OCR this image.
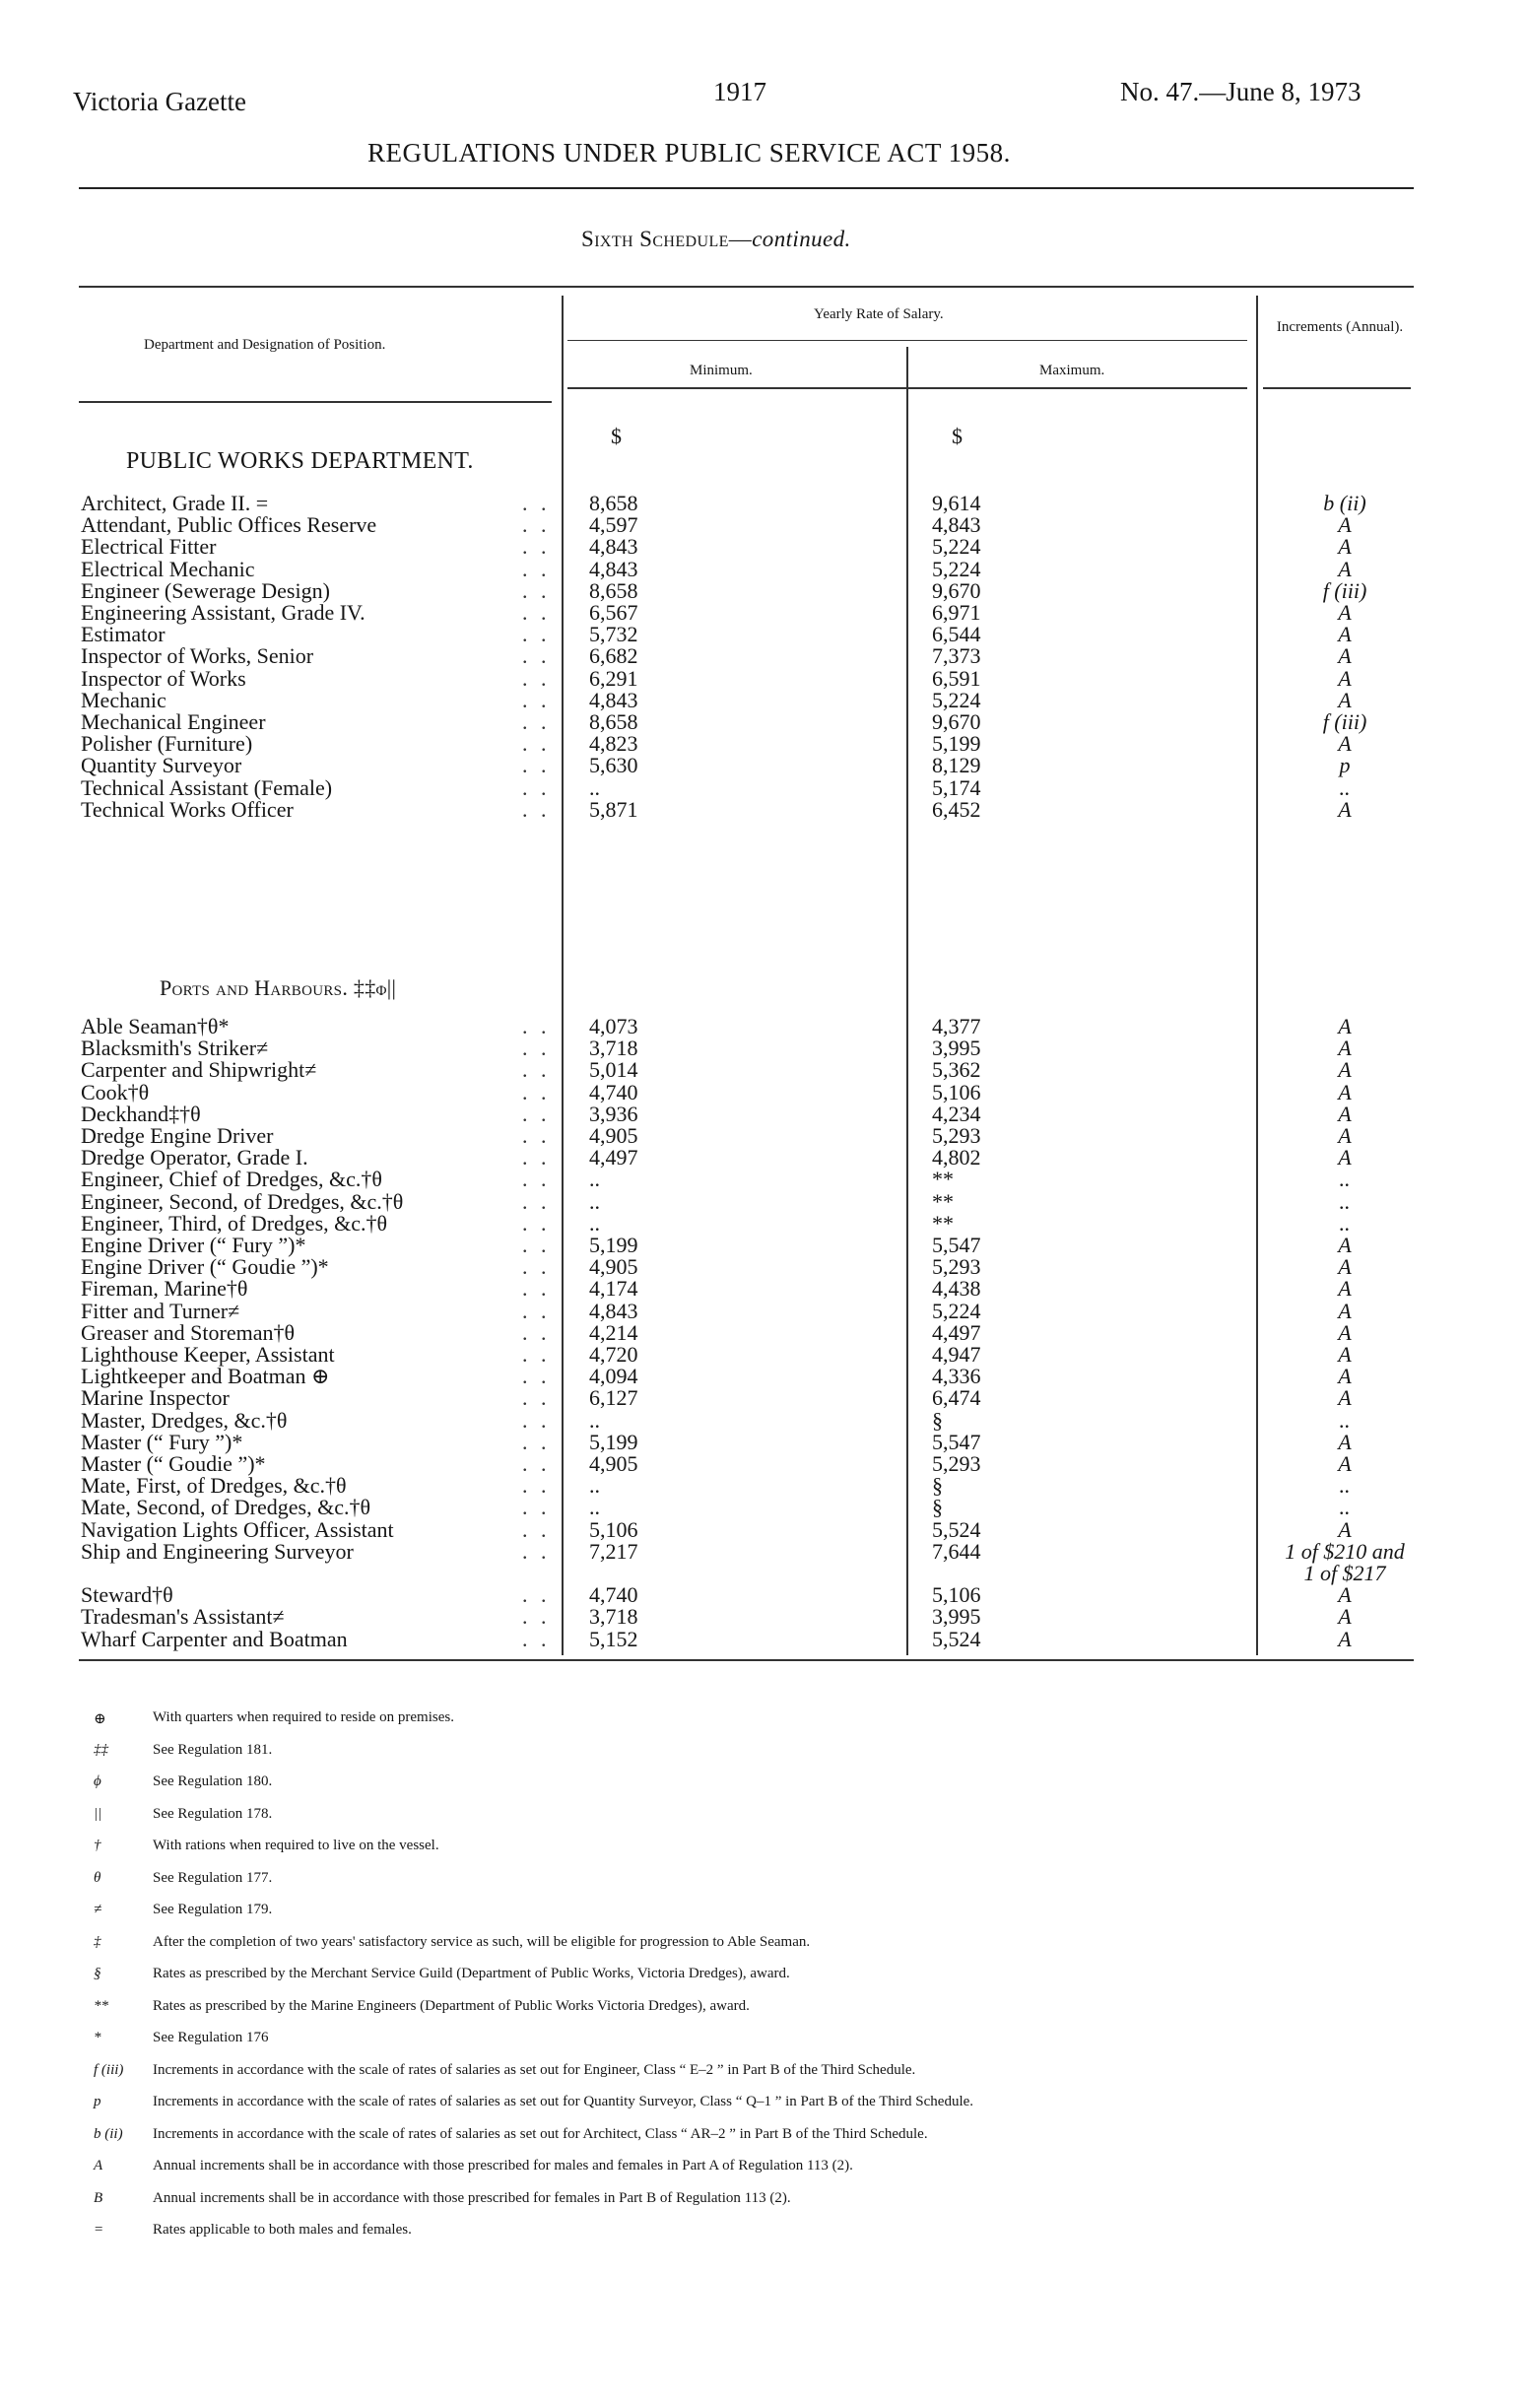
Victoria Gazette	1917	No. 47.—June 8, 1973
REGULATIONS UNDER PUBLIC SERVICE ACT 1958.
Sixth Schedule—continued.
Department and Designation of Position.
Yearly Rate of Salary.
Minimum.	Maximum.
Increments (Annual).
$	$
PUBLIC WORKS DEPARTMENT.
Architect, Grade II. =	8,658	9,614	b (ii)
. .
Attendant, Public Offices Reserve	4,597	4,843	A
. .
Electrical Fitter	4,843	5,224	A
. .
Electrical Mechanic	4,843	5,224	A
. .
Engineer (Sewerage Design)	8,658	9,670	f (iii)
. .
Engineering Assistant, Grade IV.	6,567	6,971	A
. .
Estimator	5,732	6,544	A
. .
Inspector of Works, Senior	6,682	7,373	A
. .
Inspector of Works	6,291	6,591	A
. .
Mechanic	4,843	5,224	A
. .
Mechanical Engineer	8,658	9,670	f (iii)
. .
Polisher (Furniture)	4,823	5,199	A
. .
Quantity Surveyor	5,630	8,129	p
. .
Technical Assistant (Female)	..	5,174	..
. .
Technical Works Officer	5,871	6,452	A
. .
Ports and Harbours. ‡‡ϕ||
Able Seaman†θ*	4,073	4,377	A
. .
Blacksmith's Striker≠	3,718	3,995	A
. .
Carpenter and Shipwright≠	5,014	5,362	A
. .
Cook†θ	4,740	5,106	A
. .
Deckhand‡†θ	3,936	4,234	A
. .
Dredge Engine Driver	4,905	5,293	A
. .
Dredge Operator, Grade I.	4,497	4,802	A
. .
Engineer, Chief of Dredges, &c.†θ	..	**	..
. .
Engineer, Second, of Dredges, &c.†θ	..	**	..
. .
Engineer, Third, of Dredges, &c.†θ	..	**	..
. .
Engine Driver (“ Fury ”)*	5,199	5,547	A
. .
Engine Driver (“ Goudie ”)*	4,905	5,293	A
. .
Fireman, Marine†θ	4,174	4,438	A
. .
Fitter and Turner≠	4,843	5,224	A
. .
Greaser and Storeman†θ	4,214	4,497	A
. .
Lighthouse Keeper, Assistant	4,720	4,947	A
. .
Lightkeeper and Boatman ⊕	4,094	4,336	A
. .
Marine Inspector	6,127	6,474	A
. .
Master, Dredges, &c.†θ	..	§	..
. .
Master (“ Fury ”)*	5,199	5,547	A
. .
Master (“ Goudie ”)*	4,905	5,293	A
. .
Mate, First, of Dredges, &c.†θ	..	§	..
. .
Mate, Second, of Dredges, &c.†θ	..	§	..
. .
Navigation Lights Officer, Assistant	5,106	5,524	A
. .
Ship and Engineering Surveyor	7,217	7,644	1 of $210 and
. .
1 of $217
Steward†θ	4,740	5,106	A
. .
Tradesman's Assistant≠	3,718	3,995	A
. .
Wharf Carpenter and Boatman	5,152	5,524	A
. .
⊕	With quarters when required to reside on premises.
‡‡	See Regulation 181.
ϕ	See Regulation 180.
||	See Regulation 178.
†	With rations when required to live on the vessel.
θ	See Regulation 177.
≠	See Regulation 179.
‡	After the completion of two years' satisfactory service as such, will be eligible for progression to Able Seaman.
§	Rates as prescribed by the Merchant Service Guild (Department of Public Works, Victoria Dredges), award.
**	Rates as prescribed by the Marine Engineers (Department of Public Works Victoria Dredges), award.
*	See Regulation 176
f (iii)	Increments in accordance with the scale of rates of salaries as set out for Engineer, Class “ E–2 ” in Part B of the Third Schedule.
p	Increments in accordance with the scale of rates of salaries as set out for Quantity Surveyor, Class “ Q–1 ” in Part B of the Third Schedule.
b (ii)	Increments in accordance with the scale of rates of salaries as set out for Architect, Class “ AR–2 ” in Part B of the Third Schedule.
A	Annual increments shall be in accordance with those prescribed for males and females in Part A of Regulation 113 (2).
B	Annual increments shall be in accordance with those prescribed for females in Part B of Regulation 113 (2).
=	Rates applicable to both males and females.
